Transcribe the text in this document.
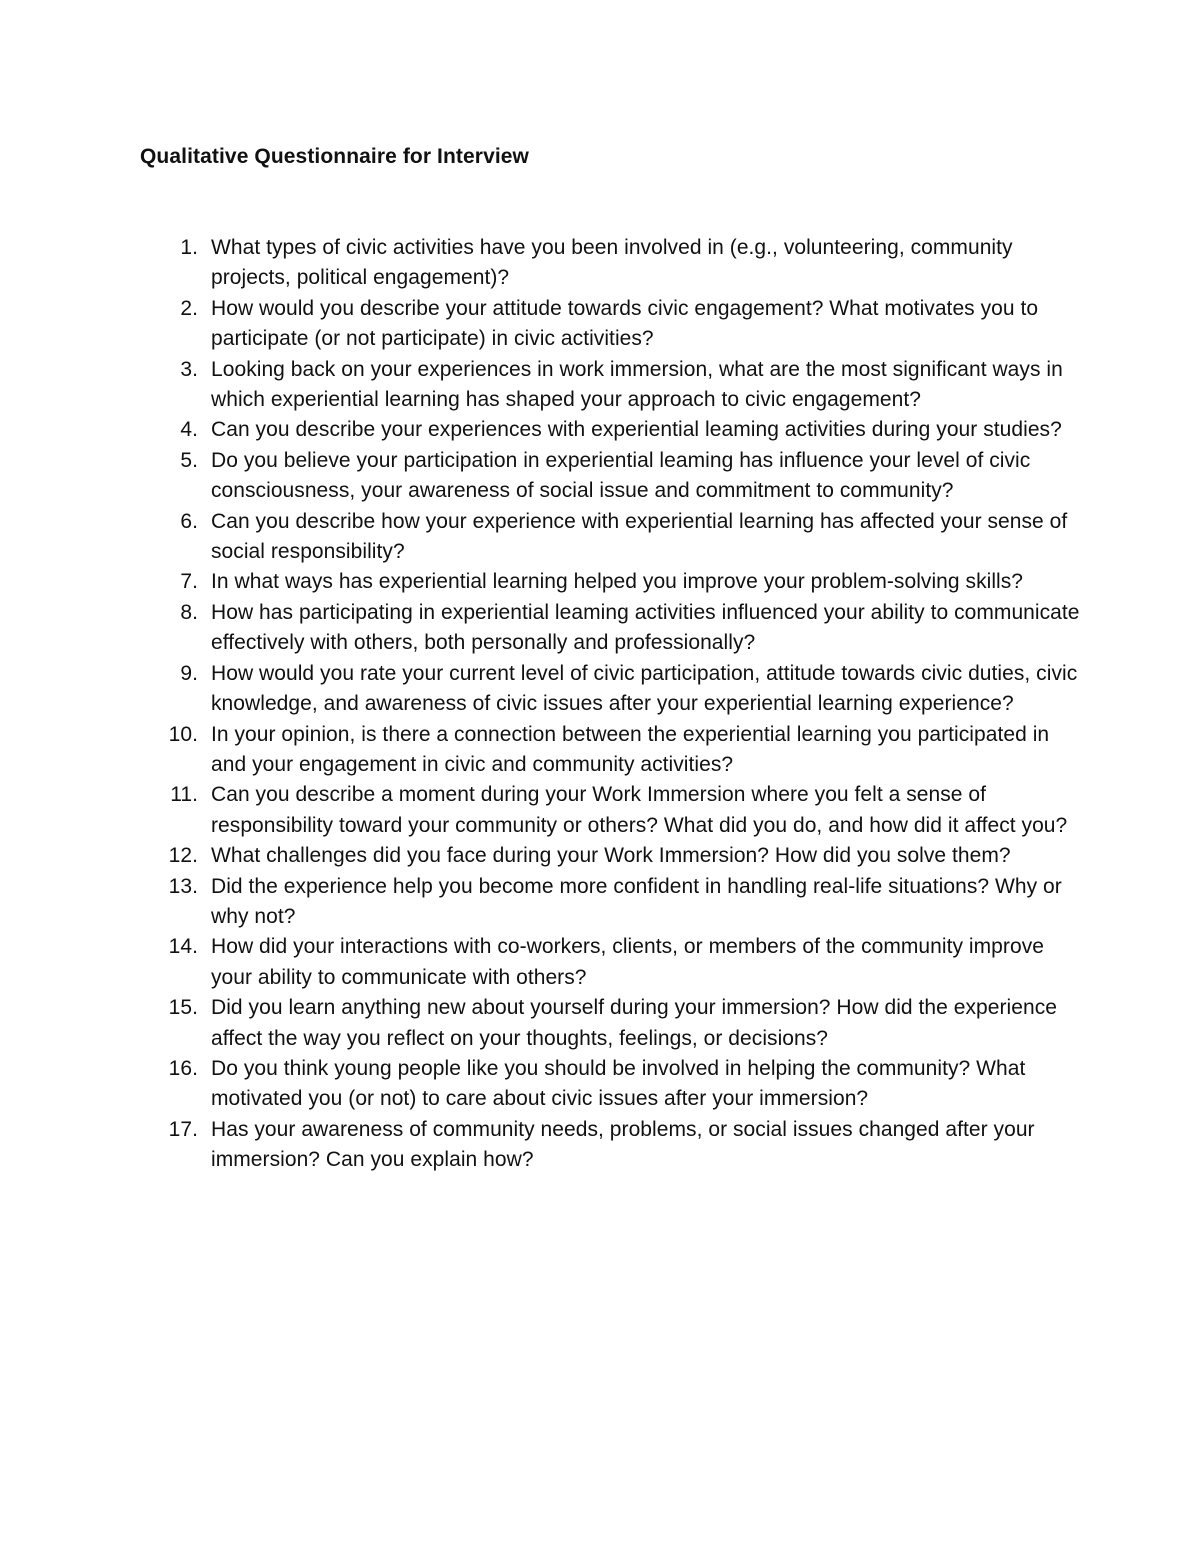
Qualitative Questionnaire for Interview
1. What types of civic activities have you been involved in (e.g., volunteering, community projects, political engagement)?
2. How would you describe your attitude towards civic engagement? What motivates you to participate (or not participate) in civic activities?
3. Looking back on your experiences in work immersion, what are the most significant ways in which experiential learning has shaped your approach to civic engagement?
4. Can you describe your experiences with experiential leaming activities during your studies?
5. Do you believe your participation in experiential leaming has influence your level of civic consciousness, your awareness of social issue and commitment to community?
6. Can you describe how your experience with experiential learning has affected your sense of social responsibility?
7. In what ways has experiential learning helped you improve your problem-solving skills?
8. How has participating in experiential leaming activities influenced your ability to communicate effectively with others, both personally and professionally?
9. How would you rate your current level of civic participation, attitude towards civic duties, civic knowledge, and awareness of civic issues after your experiential learning experience?
10. In your opinion, is there a connection between the experiential learning you participated in and your engagement in civic and community activities?
11. Can you describe a moment during your Work Immersion where you felt a sense of responsibility toward your community or others? What did you do, and how did it affect you?
12. What challenges did you face during your Work Immersion? How did you solve them?
13. Did the experience help you become more confident in handling real-life situations? Why or why not?
14. How did your interactions with co-workers, clients, or members of the community improve your ability to communicate with others?
15. Did you learn anything new about yourself during your immersion? How did the experience affect the way you reflect on your thoughts, feelings, or decisions?
16. Do you think young people like you should be involved in helping the community? What motivated you (or not) to care about civic issues after your immersion?
17. Has your awareness of community needs, problems, or social issues changed after your immersion? Can you explain how?
